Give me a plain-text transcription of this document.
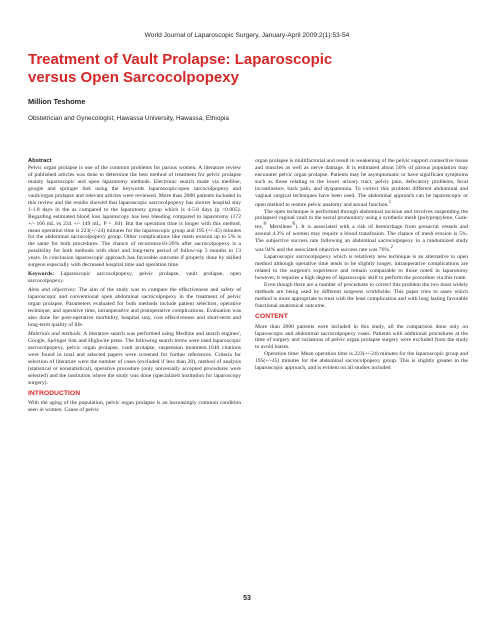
World Journal of Laparoscopic Surgery, January-April 2009:2(1):53-54
Treatment of Vault Prolapse: Laparoscopic
versus Open Sarcocolpopexy
Million Teshome
Obstetrician and Gynecologist, Hawassa University, Hawassa, Ethiopia

Abstract

Pelvic organ prolapse is one of the common problems for parous women. A literature review of published articles was done to determine the best method of treatment for pelvic prolapse mainly laparoscopic and open laparotomy methods. Electronic search made via medline, google and springer link using the keywords laparoscopic/open sarcocolpopexy and vault/organ prolapse and relevant articles were reviewed. More than 2000 patients included in this review and the results showed that laparoscopic sacrocolpopexy has shorter hospital stay 1-1.8 days in the as compared to the laparotomy group which is 4-5.8 days (p <0.005). Regarding estimated blood loss laparoscopy has less bleeding compared to laparotomy (172 +/- 166 mL vs 234 +/- 149 mL; P = .04). But the operation time is longer with this method, mean operation time is 223(+/-24) minutes for the laparoscopic group and 195 (+/-45) minutes for the abdominal sacrocolpopexy group. Other complications like mesh erosion up to 5% is the same for both procedures. The chance of recurrence10-20% after sacrocolpopexy is a possibility for both methods with short and long-term period of follow-up 3 months to 13 years. In conclusion laparoscopic approach has favorable outcome if properly done by skilled surgeon especially with decreased hospital time and operation time.

Keywords: Laparoscopic sarcocolpopexy, pelvic prolapse, vault prolapse, open sarcocolpopexy.

Aims and objectives: The aim of the study was to compare the effectiveness and safety of laparoscopic and conventional open abdominal sacrocolpopexy in the treatment of pelvic organ prolapse. Parameters evaluated for both methods include patient selection, operative technique, and operative time, intraoperative and postoperative complications. Evaluation was also done for post-operative morbidity, hospital stay, cost effectiveness and short-term and long-term quality of life.

Materials and methods: A literature search was performed using Medline and search engines', Google, Springer link and Highwire press. The following search terms were used laparoscopic sacrocolpopexy, pelvic organ prolapse, vault prolapse, suspension treatment.1640 citations were found in total and selected papers were screened for further references. Criteria for selection of literature were the number of cases (excluded if less than 20), method of analysis (statistical or nonstatistical), operative procedure (only universally accepted procedures were selected) and the institution where the study was done (specialized institution for laparoscopy surgery).

INTRODUCTION

With the aging of the population, pelvic organ prolapse is an increasingly common condition seen in women. Cause of pelvic

organ prolapse is multifactorial and result in weakening of the pelvic support connective tissue and muscles as well as nerve damage. It is estimated about 50% of parous population may encounter pelvic organ prolapse. Patients may be asymptomatic or have significant symptoms such as those relating to the lower urinary tract, pelvic pain, defecatory problems, fecal incontinence, back pain, and dyspareunia. To correct this problem different abdominal and vaginal surgical techniques have been used. The abdominal approach can be laparoscopic or open method to restore pelvic anatomy and sexual function.$^1$

The open technique is performed through abdominal incision and involves suspending the prolapsed vaginal vault to the sacral promontory using a synthetic mesh (polypropylene, Gore-tex,® Mersilene®). It is associated with a risk of hemorrhage from presacral vessels and around 4.3% of women may require a blood transfusion. The chance of mesh erosion is 5%. The subjective success rate following an abdominal sacrocolpopexy in a randomized study was 94% and the associated objective success rate was 76%.$^2$

Laparoscopic sacrocolpopexy which is relatively new technique is an alternative to open method although operative time tends to be slightly longer, intraoperative complications are related to the surgeon's experience and remain comparable to those noted in laparotomy however, it requires a high degree of laparoscopic skill to perform the procedure via this route.

Even though there are a number of procedures to correct this problem the two most widely methods are being used by different surgeons worldwide. This paper tries to asses which method is more appropriate to treat with the least complication and with long lasting favorable functional anatomical outcome.

CONTENT

More than 2000 patients were included in this study, all the comparison done only on laparoscopic and abdominal sacrocolpopexy cases. Patients with additional procedures at the time of surgery and variations of pelvic organ prolapse surgery were excluded from the study to avoid biases.

Operation time: Mean operation time is 223(+/-24) minutes for the laparoscopic group and 195(+/-45) minutes for the abdominal sacrocolpopexy group. This is slightly greater in the laparoscopic approach, and is evident on all studies included

53
